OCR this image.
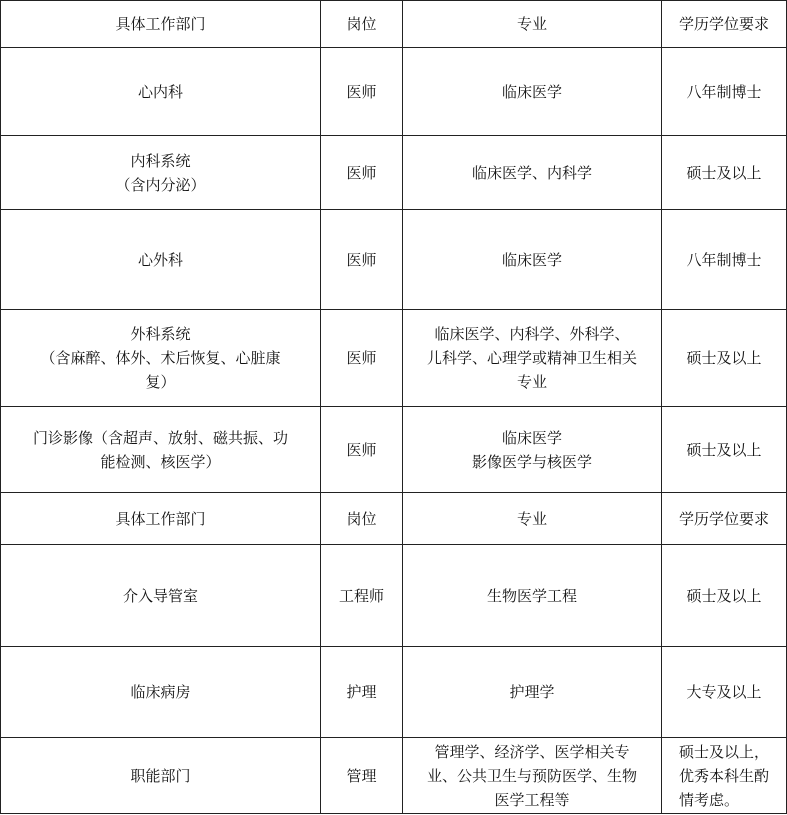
具体工作部门	岗位	专业	学历学位要求

心内科	医师	临床医学	八年制博士

内科系统
（含内分泌）	医师	临床医学、内科学	硕士及以上

心外科	医师	临床医学	八年制博士

外科系统
（含麻醉、体外、术后恢复、心脏康
复）	医师	临床医学、内科学、外科学、
儿科学、心理学或精神卫生相关
专业	硕士及以上

门诊影像（含超声、放射、磁共振、功
能检测、核医学）	医师	临床医学
影像医学与核医学	硕士及以上

具体工作部门	岗位	专业	学历学位要求

介入导管室	工程师	生物医学工程	硕士及以上

临床病房	护理	护理学	大专及以上

职能部门	管理	管理学、经济学、医学相关专
业、公共卫生与预防医学、生物
医学工程等	硕士及以上，
优秀本科生酌
情考虑。
